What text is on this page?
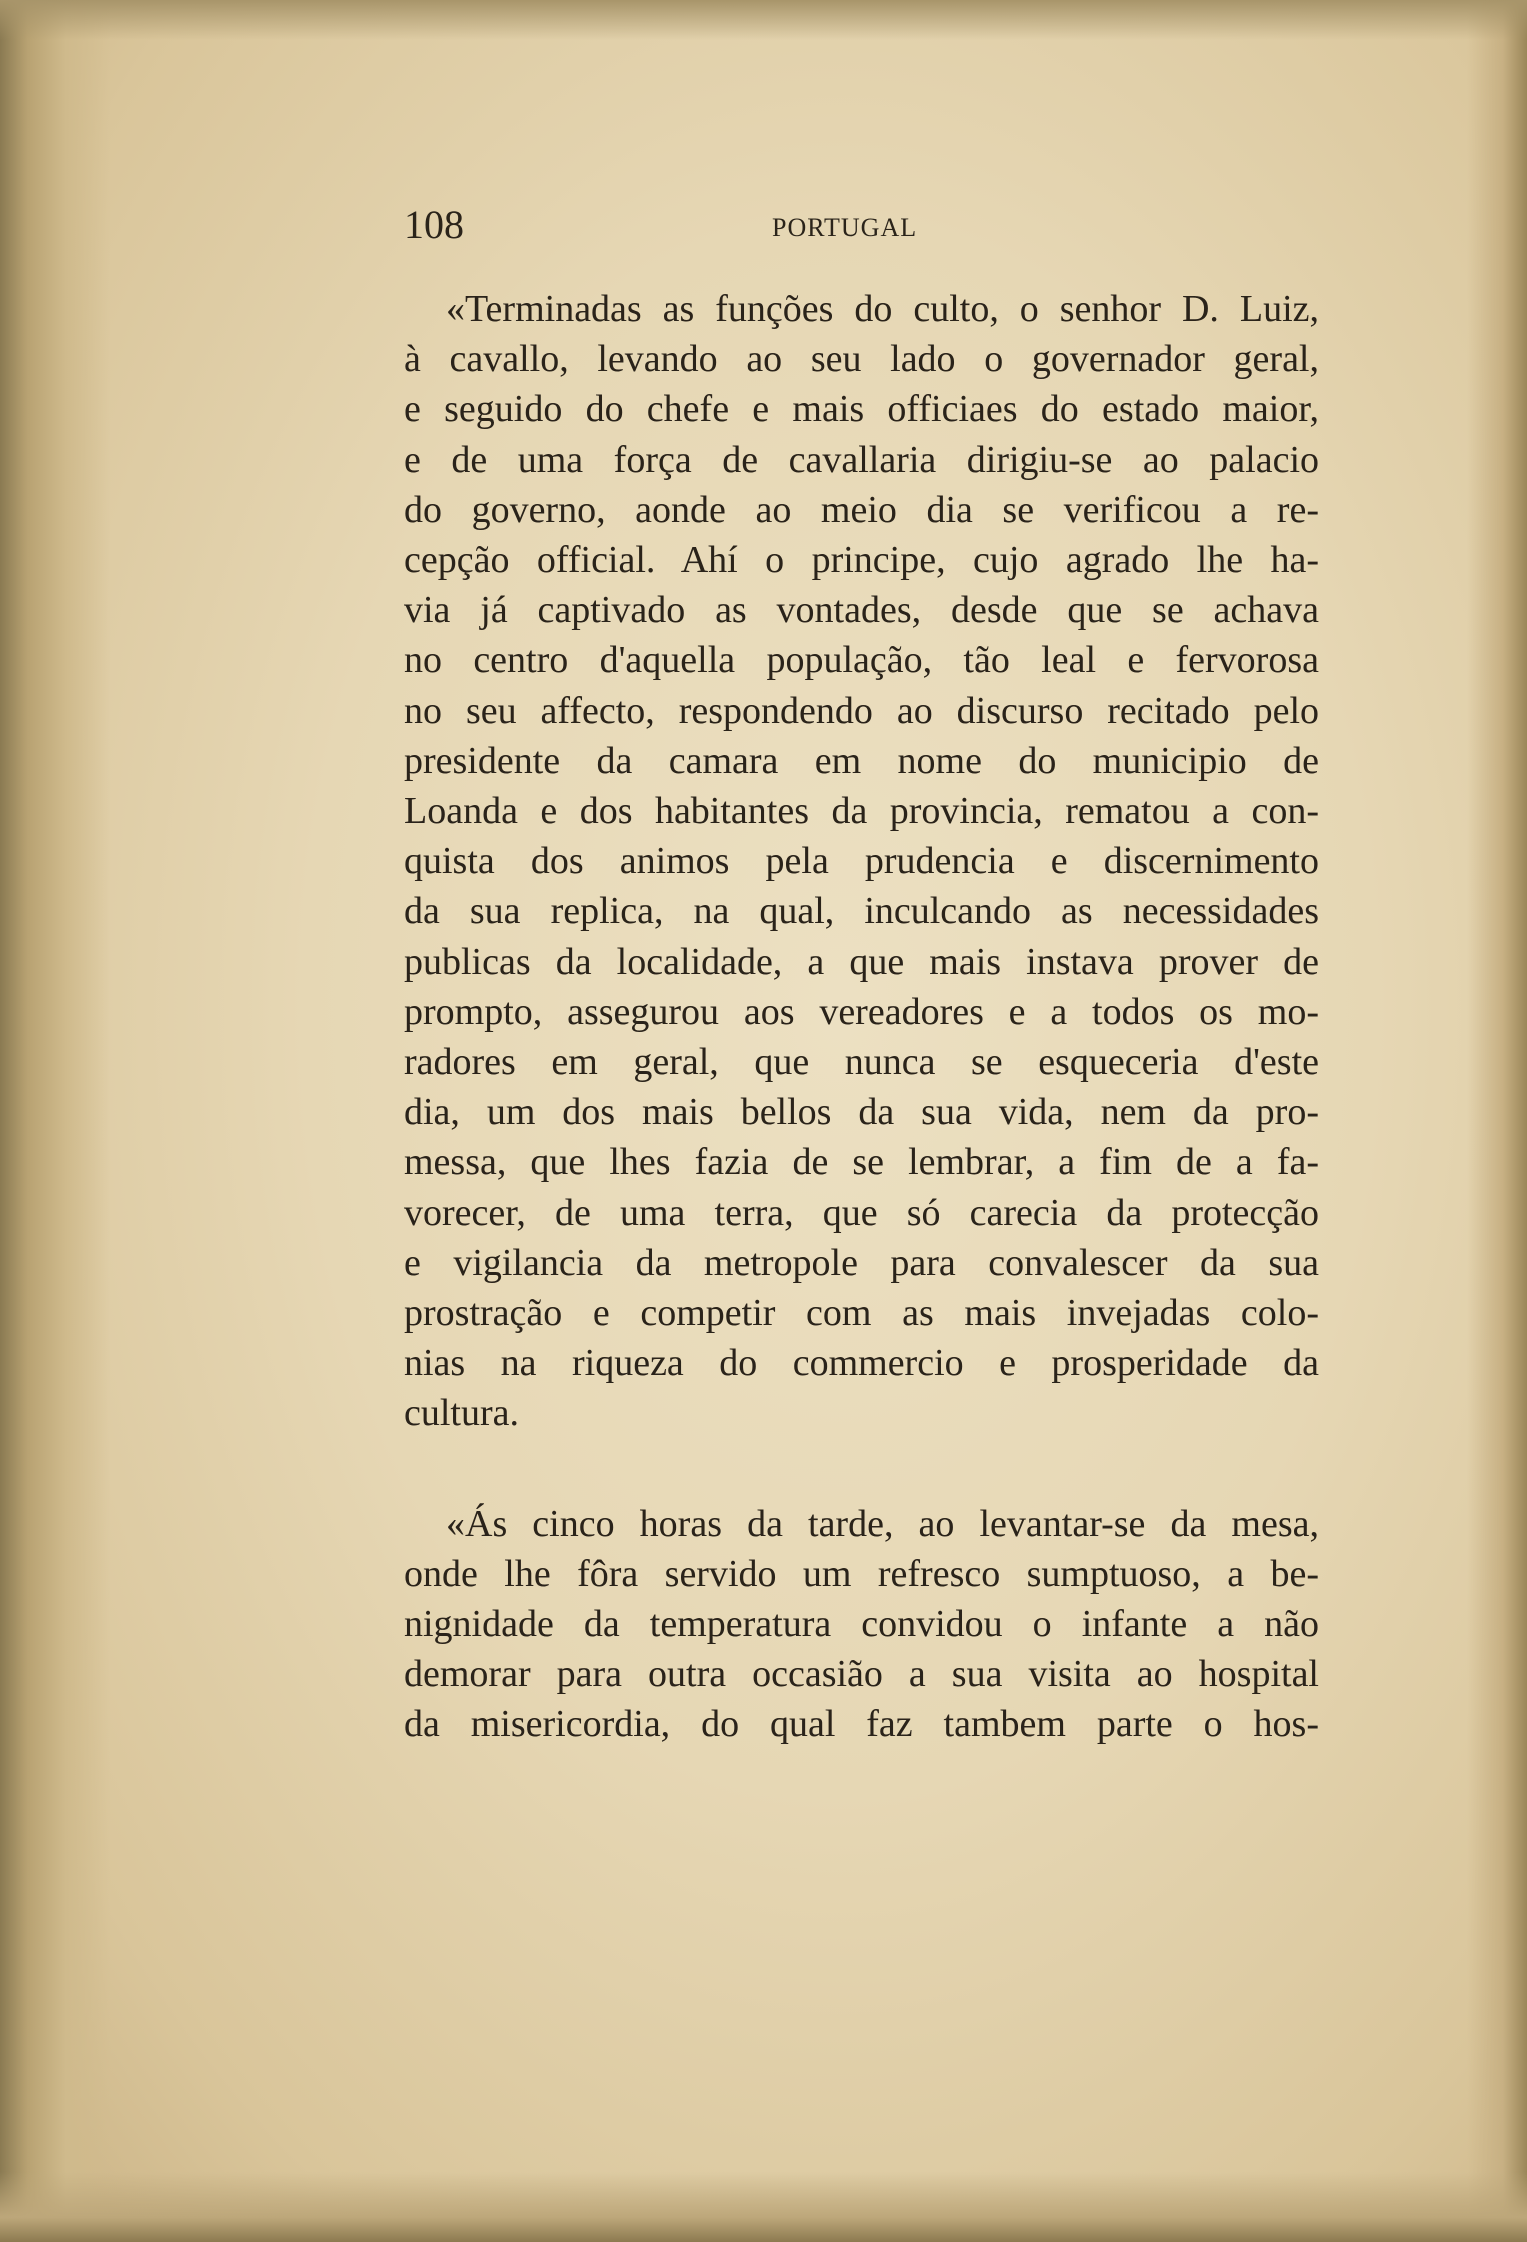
108	PORTUGAL
«Terminadas as funções do culto, o senhor D. Luiz,
à cavallo, levando ao seu lado o governador geral,
e seguido do chefe e mais officiaes do estado maior,
e de uma força de cavallaria dirigiu-se ao palacio
do governo, aonde ao meio dia se verificou a re-
cepção official. Ahí o principe, cujo agrado lhe ha-
via já captivado as vontades, desde que se achava
no centro d'aquella população, tão leal e fervorosa
no seu affecto, respondendo ao discurso recitado pelo
presidente da camara em nome do municipio de
Loanda e dos habitantes da provincia, rematou a con-
quista dos animos pela prudencia e discernimento
da sua replica, na qual, inculcando as necessidades
publicas da localidade, a que mais instava prover de
prompto, assegurou aos vereadores e a todos os mo-
radores em geral, que nunca se esqueceria d'este
dia, um dos mais bellos da sua vida, nem da pro-
messa, que lhes fazia de se lembrar, a fim de a fa-
vorecer, de uma terra, que só carecia da protecção
e vigilancia da metropole para convalescer da sua
prostração e competir com as mais invejadas colo-
nias na riqueza do commercio e prosperidade da
cultura.
«Ás cinco horas da tarde, ao levantar-se da mesa,
onde lhe fôra servido um refresco sumptuoso, a be-
nignidade da temperatura convidou o infante a não
demorar para outra occasião a sua visita ao hospital
da misericordia, do qual faz tambem parte o hos-
